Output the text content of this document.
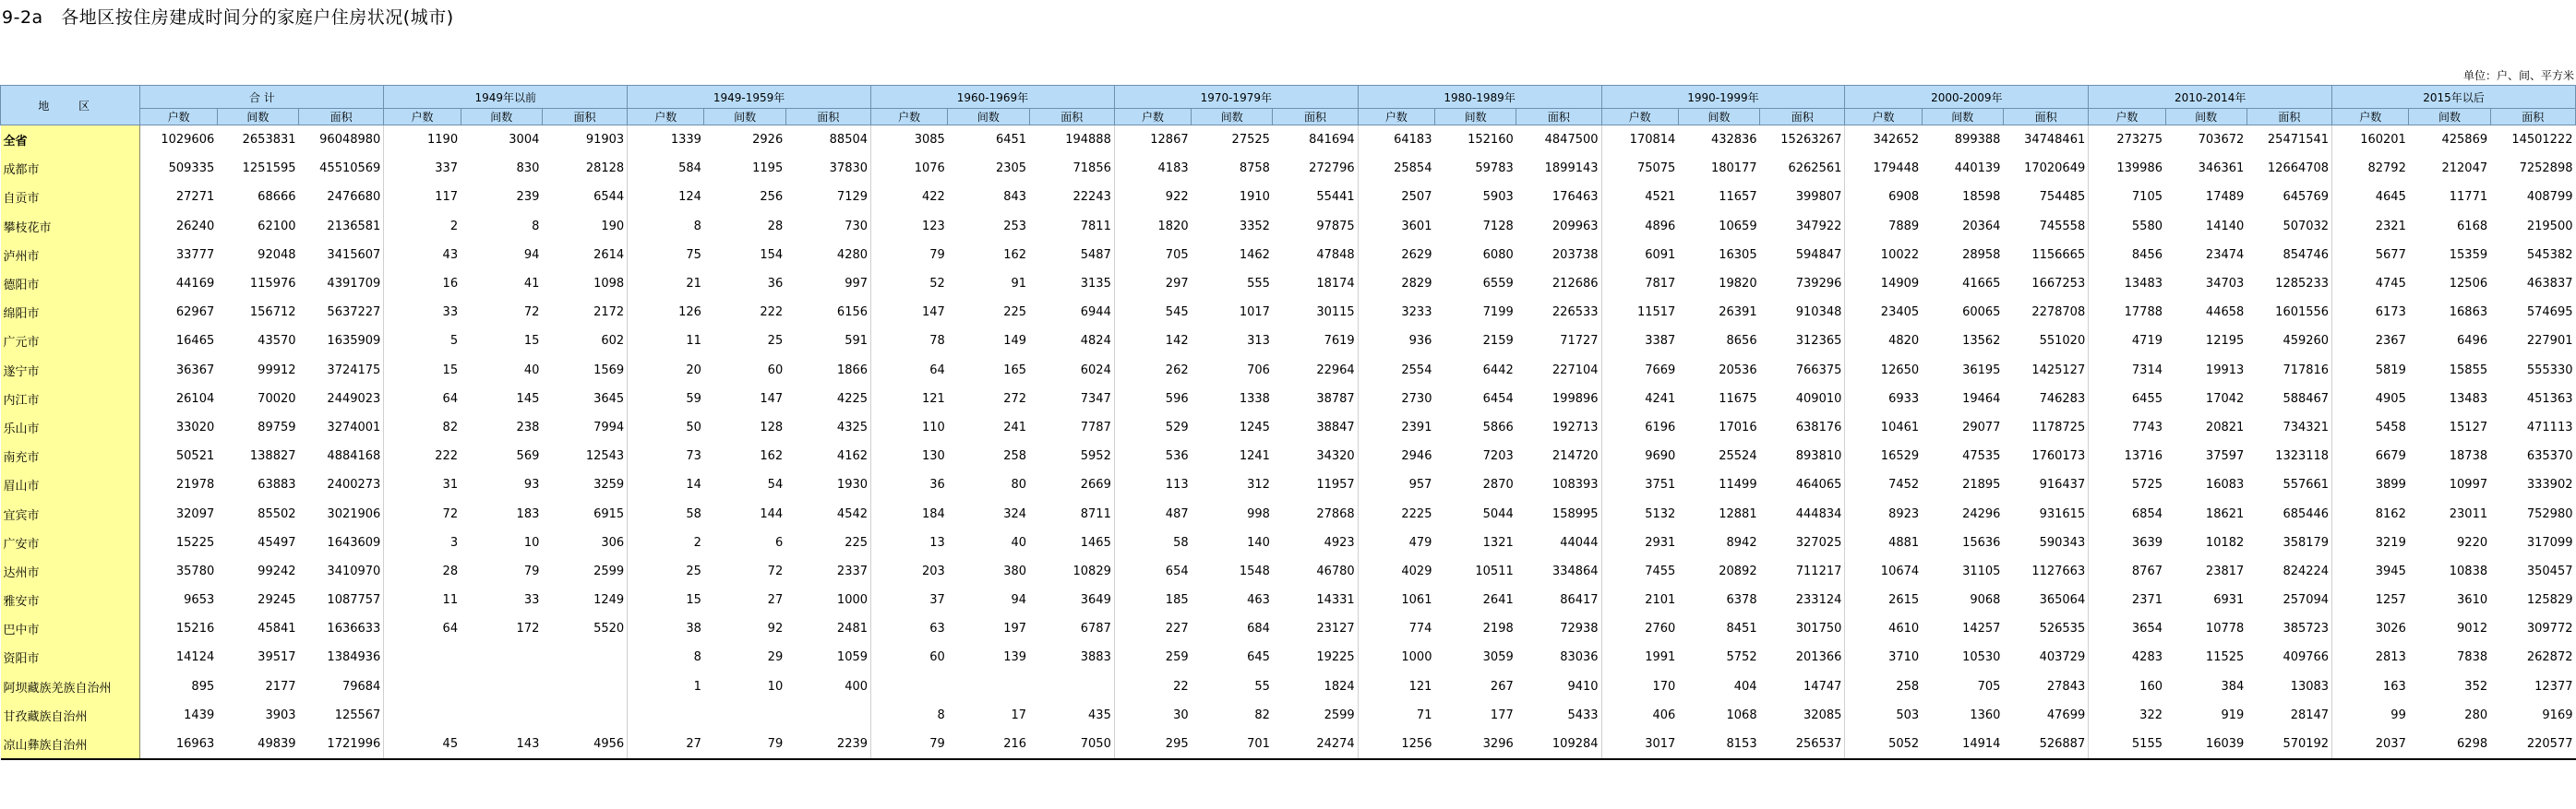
9-2a   各地区按住房建成时间分的家庭户住房状况(城市)
单位：户、间、平方米
地 区	合 计			1949年以前			1949-1959年			1960-1969年			1970-1979年			1980-1989年			1990-1999年			2000-2009年			2010-2014年			2015年以后		
	户数	间数	面积	户数	间数	面积	户数	间数	面积	户数	间数	面积	户数	间数	面积	户数	间数	面积	户数	间数	面积	户数	间数	面积	户数	间数	面积	户数	间数	面积
全省	1029606	2653831	96048980	1190	3004	91903	1339	2926	88504	3085	6451	194888	12867	27525	841694	64183	152160	4847500	170814	432836	15263267	342652	899388	34748461	273275	703672	25471541	160201	425869	14501222
成都市	509335	1251595	45510569	337	830	28128	584	1195	37830	1076	2305	71856	4183	8758	272796	25854	59783	1899143	75075	180177	6262561	179448	440139	17020649	139986	346361	12664708	82792	212047	7252898
自贡市	27271	68666	2476680	117	239	6544	124	256	7129	422	843	22243	922	1910	55441	2507	5903	176463	4521	11657	399807	6908	18598	754485	7105	17489	645769	4645	11771	408799
攀枝花市	26240	62100	2136581	2	8	190	8	28	730	123	253	7811	1820	3352	97875	3601	7128	209963	4896	10659	347922	7889	20364	745558	5580	14140	507032	2321	6168	219500
泸州市	33777	92048	3415607	43	94	2614	75	154	4280	79	162	5487	705	1462	47848	2629	6080	203738	6091	16305	594847	10022	28958	1156665	8456	23474	854746	5677	15359	545382
德阳市	44169	115976	4391709	16	41	1098	21	36	997	52	91	3135	297	555	18174	2829	6559	212686	7817	19820	739296	14909	41665	1667253	13483	34703	1285233	4745	12506	463837
绵阳市	62967	156712	5637227	33	72	2172	126	222	6156	147	225	6944	545	1017	30115	3233	7199	226533	11517	26391	910348	23405	60065	2278708	17788	44658	1601556	6173	16863	574695
广元市	16465	43570	1635909	5	15	602	11	25	591	78	149	4824	142	313	7619	936	2159	71727	3387	8656	312365	4820	13562	551020	4719	12195	459260	2367	6496	227901
遂宁市	36367	99912	3724175	15	40	1569	20	60	1866	64	165	6024	262	706	22964	2554	6442	227104	7669	20536	766375	12650	36195	1425127	7314	19913	717816	5819	15855	555330
内江市	26104	70020	2449023	64	145	3645	59	147	4225	121	272	7347	596	1338	38787	2730	6454	199896	4241	11675	409010	6933	19464	746283	6455	17042	588467	4905	13483	451363
乐山市	33020	89759	3274001	82	238	7994	50	128	4325	110	241	7787	529	1245	38847	2391	5866	192713	6196	17016	638176	10461	29077	1178725	7743	20821	734321	5458	15127	471113
南充市	50521	138827	4884168	222	569	12543	73	162	4162	130	258	5952	536	1241	34320	2946	7203	214720	9690	25524	893810	16529	47535	1760173	13716	37597	1323118	6679	18738	635370
眉山市	21978	63883	2400273	31	93	3259	14	54	1930	36	80	2669	113	312	11957	957	2870	108393	3751	11499	464065	7452	21895	916437	5725	16083	557661	3899	10997	333902
宜宾市	32097	85502	3021906	72	183	6915	58	144	4542	184	324	8711	487	998	27868	2225	5044	158995	5132	12881	444834	8923	24296	931615	6854	18621	685446	8162	23011	752980
广安市	15225	45497	1643609	3	10	306	2	6	225	13	40	1465	58	140	4923	479	1321	44044	2931	8942	327025	4881	15636	590343	3639	10182	358179	3219	9220	317099
达州市	35780	99242	3410970	28	79	2599	25	72	2337	203	380	10829	654	1548	46780	4029	10511	334864	7455	20892	711217	10674	31105	1127663	8767	23817	824224	3945	10838	350457
雅安市	9653	29245	1087757	11	33	1249	15	27	1000	37	94	3649	185	463	14331	1061	2641	86417	2101	6378	233124	2615	9068	365064	2371	6931	257094	1257	3610	125829
巴中市	15216	45841	1636633	64	172	5520	38	92	2481	63	197	6787	227	684	23127	774	2198	72938	2760	8451	301750	4610	14257	526535	3654	10778	385723	3026	9012	309772
资阳市	14124	39517	1384936				8	29	1059	60	139	3883	259	645	19225	1000	3059	83036	1991	5752	201366	3710	10530	403729	4283	11525	409766	2813	7838	262872
阿坝藏族羌族自治州	895	2177	79684				1	10	400				22	55	1824	121	267	9410	170	404	14747	258	705	27843	160	384	13083	163	352	12377
甘孜藏族自治州	1439	3903	125567							8	17	435	30	82	2599	71	177	5433	406	1068	32085	503	1360	47699	322	919	28147	99	280	9169
凉山彝族自治州	16963	49839	1721996	45	143	4956	27	79	2239	79	216	7050	295	701	24274	1256	3296	109284	3017	8153	256537	5052	14914	526887	5155	16039	570192	2037	6298	220577
